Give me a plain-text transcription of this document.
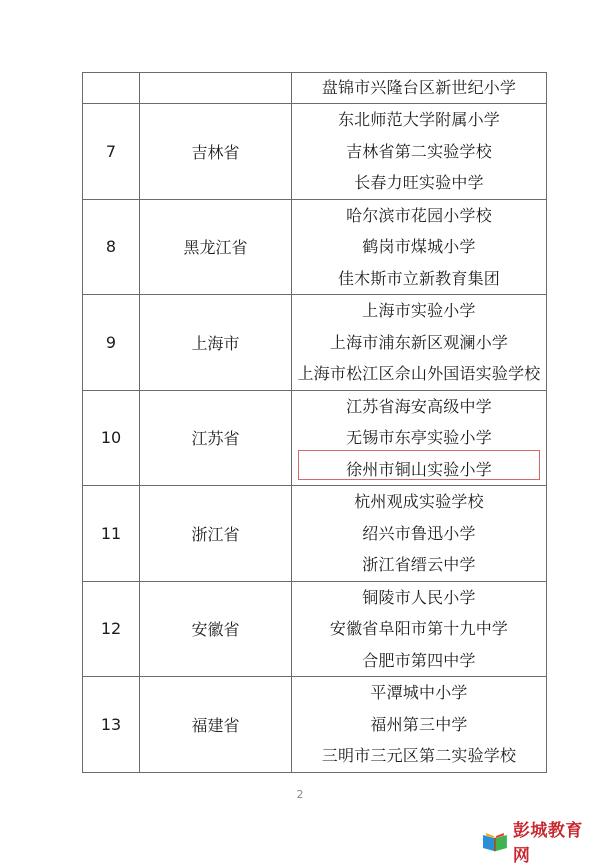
		盘锦市兴隆台区新世纪小学

7	吉林省	东北师范大学附属小学
吉林省第二实验学校
长春力旺实验中学

8	黑龙江省	哈尔滨市花园小学校
鹤岗市煤城小学
佳木斯市立新教育集团

9	上海市	上海市实验小学
上海市浦东新区观澜小学
上海市松江区佘山外国语实验学校

10	江苏省	江苏省海安高级中学
无锡市东亭实验小学
徐州市铜山实验小学

11	浙江省	杭州观成实验学校
绍兴市鲁迅小学
浙江省缙云中学

12	安徽省	铜陵市人民小学
安徽省阜阳市第十九中学
合肥市第四中学

13	福建省	平潭城中小学
福州第三中学
三明市三元区第二实验学校
2
彭城教育网
